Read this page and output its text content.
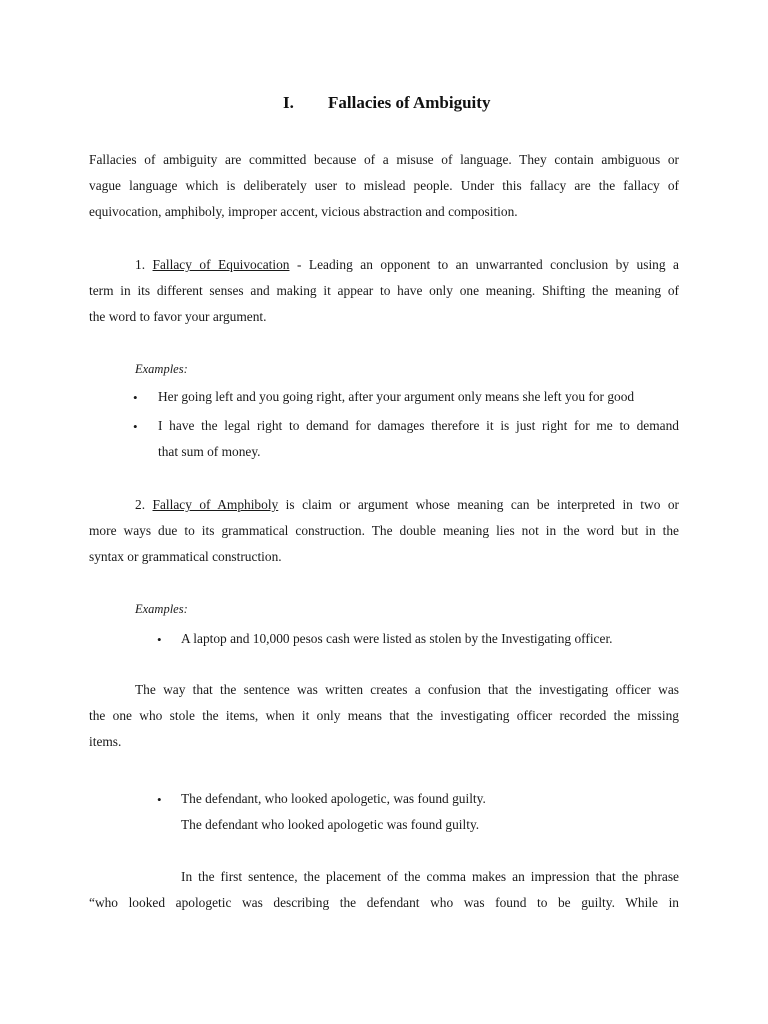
I. Fallacies of Ambiguity
Fallacies of ambiguity are committed because of a misuse of language. They contain ambiguous or
vague language which is deliberately user to mislead people. Under this fallacy are the fallacy of
equivocation, amphiboly, improper accent, vicious abstraction and composition.
1. Fallacy of Equivocation - Leading an opponent to an unwarranted conclusion by using a
term in its different senses and making it appear to have only one meaning. Shifting the meaning of
the word to favor your argument.
Examples:
• Her going left and you going right, after your argument only means she left you for good
• I have the legal right to demand for damages therefore it is just right for me to demand
that sum of money.
2. Fallacy of Amphiboly is claim or argument whose meaning can be interpreted in two or
more ways due to its grammatical construction. The double meaning lies not in the word but in the
syntax or grammatical construction.
Examples:
• A laptop and 10,000 pesos cash were listed as stolen by the Investigating officer.
The way that the sentence was written creates a confusion that the investigating officer was
the one who stole the items, when it only means that the investigating officer recorded the missing
items.
• The defendant, who looked apologetic, was found guilty.
The defendant who looked apologetic was found guilty.
In the first sentence, the placement of the comma makes an impression that the phrase
“who looked apologetic was describing the defendant who was found to be guilty. While in
